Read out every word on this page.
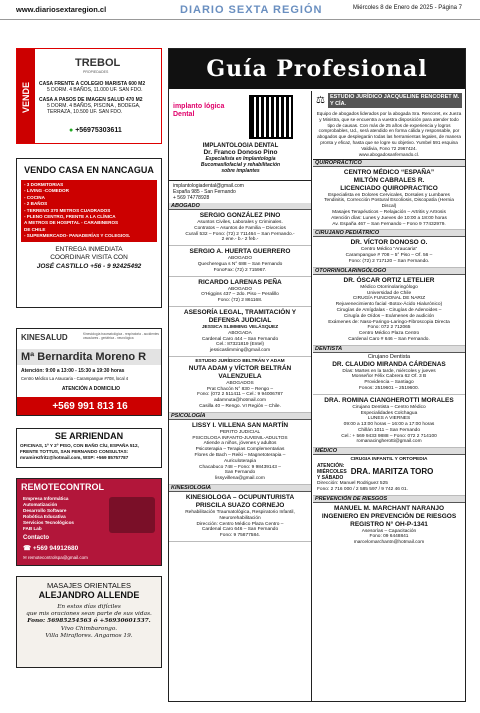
www.diariosextaregion.cl	DIARIO SEXTA REGIÓN	Miércoles 8 de Enero de 2025 - Página 7
VENDE
TREBOL
PROPIEDADES
CASA FRENTE A COLEGIO MARISTA 600 M2
5 DORM. 4 BAÑOS, 11.000 UF. SAN FDO.
CASA A PASOS DE IMAGEN SALUD 470 M2
5 DORM. 4 BAÑOS, PISCINA , BODEGA,
TERRAZA, 10.500 UF. SAN FDO.
● +56975303611
VENDO CASA EN NANCAGUA
- 3 DORMITORIAS
- LIVING -COMEDOR
- COCINA
- 2 BAÑOS
- TERRENO 370 METROS CUADRADOS
- PLENO CENTRO, FRENTE A LA CLÍNICA
A METROS DE HOSPITAL - CARABINEROS
DE CHILE
- SUPERMERCADO- PANADERÍAS Y COLEGIOS.
ENTREGA INMEDIATA
COORDINAR VISITA CON
JOSÉ CASTILLO +56 - 9 92425492
KINESALUD	Kinesiología traumatológica - respiratoria - accidentes vasculares - geriátrica - neurológica
Mª Bernardita Moreno R
Atención: 9:00 a 13:00 - 15:30 a 19:30 horas
Centro Médico La Araucaria - Carampangue #708, local 4
ATENCIÓN A DOMICILIO
+569 991 813 16
SE ARRIENDAN
OFICINAS, 1º Y 2º PISO, CON BAÑO C/U, ESPAÑA 512, FRENTE TOTTUS, SAN FERNANDO CONSULTAS: mramirezfritz@hotmail.com, WSP: +569 85757787
REMOTECONTROL
Empresa Informática
Automatización
Desarrollo Software
Robótica Educativa
Servicios Tecnológicos
FAB Lab
Contacto
☎ +569 94912680
✉ remotecontrolspa@gmail.com
MASAJES ORIENTALES
ALEJANDRO ALLENDE
En estos días difíciles
que mis oraciones sean parte de sus vidas.
Fono: 56985254563 ó +56930601537.
Vivo Chimbarongo.
Villa Miraflores. Angamos 19.
Guía Profesional
implanto lógica Dental
IMPLANTOLOGIA DENTAL
Dr. Franco Donoso Pino
Especialista en Implantología
Bucomaxilofacial y rehabilitación
sobre implantes
implantologiadental@gmail.com
España 985 - San Fernando
+ 569 74778928
ABOGADO
SERGIO GONZÁLEZ PINO
Asuntos Civiles, Laborales y Criminales.
Contratos – Asuntos de Familia – Divorcios
Curalí 532 – Fono: (72) 2 711464 – San Fernando.-
2 ene.- b.- 2 feb.-
SERGIO A. HUERTA GUERRERO
ABOGADO
Quecheregua s N° 688 – San Fernando
FonoFax: (72) 2 715967.
RICARDO LARENAS PEÑA
ABOGADO
O'Higgins 437 – 2do. Piso – Peralillo
Fono: (72) 2 861168.
ASESORÍA LEGAL, TRAMITACIÓN Y DEFENSA JUDICIAL
JESSICA SLIMMING VELÁSQUEZ
ABOGADA
Cardenal Caro 444 – San Fernando
Cel.: 87321819 (Entel)
jessicaslimming@gmail.com
ESTUDIO JURÍDICO BELTRÁN Y ADAM
NUTA ADAM y VÍCTOR BELTRÁN VALENZUELA
ABOGADOS
Prat Chacón N° 830 – Rengo –
Fono: (072 2 511411 – Cel.: 9 94006787
adamnuta@hotmail.com
Casilla 40 – Rengo. VI Región – Chile.
PSICOLOGÍA
LISSY I. VILLENA SAN MARTÍN
PERITO JUDICIAL
PSICOLOGA INFANTO-JUVENIL-ADULTOS
Atiende a niños, jóvenes y adultos
Psicoterapia – Terapias Complementarias
Flores de Bach – Reiki – Magnetoterapia –
Auriculoterapia
Chacabuco 748 – Fono: 9 98439143 –
San Fernando
lissyvillena@gmail.com
KINESIOLOGIA
KINESIOLOGA – OCUPUNTURISTA PRISCILA SUAZO CORNEJO
Rehabilitación Traumatológica, Respiratorio Infantil,
Neurorehabilitación
Dirección: Centro Médico Plaza Centro –
Cardenal Caro 646 – San Fernando
Fono: 9 75877584.
⚖ ESTUDIO JURÍDICO JACQUELINE RENCORET M. Y CÍA.
Equipo de abogados liderados por la abogada Sra. Rencoret, ex Jueza y Ministra, que se encuentra a vuestra disposición para atender todo tipo de causas. Con más de 25 años de experiencia y logros comprobables, Ud., será atendido en forma cálida y responsable, por abogados que desplegarán todas las herramientas legales, de manera pronta y eficaz, hasta que se logre su objetivo. Yumbel 591 esquina Valdivia, Fono 72 2967424.
www.abogadosanfernando.cl.
QUIROPRÁCTICO
CENTRO MÉDICO “ESPAÑA”
MILTÓN CABRALES R.
LICENCIADO QUIROPRACTICO
Especialista en Dolores Cervicales, Dorsales y Lumbares
Tendinitis, Corrección Postural Escoliosis, Discopatía (Hernia Discal)
Masajes Terapéuticos – Relajación – Artritis y Artrosis
Atención días: Lunes y Jueves de 10:00 a 18:00 horas
Av. España 467 – San Fernando – Fono 9 77432979.
CIRUJANO PEDIÁTRICO
DR. VÍCTOR DONOSO O.
Centro Médico “Araucaria”
Carampangue # 708 – 5° Piso – Of. 56 –
Fono: (72) 2 717120 – San Fernando.
OTORRINOLARINGÓLOGO
DR. ÓSCAR ORTIZ LETELIER
Médico Otorrinolaringólogo
Universidad de Chile
CIRUGÍA FUNCIONAL DE NARIZ
Rejuvenecimiento facial -Botox-Ácido Hialurónico)
Cirugías de Amígdalas - Cirugías de Adenoides –
Cirugía de Oídos – Exámenes de audición
Exámenes de: Naso-Faringo-Laringo-Fibroscopia Directa
Fono: 072 2 712065
Centro Médico Plaza Centro
Cardenal Caro # 646 – San Fernando.
DENTISTA
Cirujano Dentista
DR. CLAUDIO MIRANDA CÁRDENAS
Días: Martes en la tarde, miércoles y jueves
Monseñor Félix Cabrera 62 Of. 3 B
Providencia – Santiago
Fonos: 2519601 – 2519600.
DRA. ROMINA CIANGHEROTTI MORALES
Cirujano Dentista – Centro Médico
Especialidades Colchagua
LUNES A VIERNES
09:00 a 13:00 horas – 16:00 a 17:00 horas
Chillán 1011 – San Fernando
Cel.: + 569 9433 9888 – Fono: 072 2 714100
romanacingherotti@gmail.com
MÉDICO
CIRUGIA INFANTIL Y ORTOPEDIA
ATENCIÓN:
MIÉRCOLES
Y SÁBADO
DRA. MARITZA TORO
Dirección: Manuel Rodriguez 525
Fono: 2 716 000 / 2 585 597 / 9 742 46 01.
PREVENCIÓN DE RIESGOS
MANUEL M. MARCHANT NARANJO
INGENIERO EN PREVENCIÓN DE RIESGOS
REGISTRO N° OH-P-1341
Asesorías – Capacitación
Fono: 09 6448841
marcelomarchantn@hotmail.com
